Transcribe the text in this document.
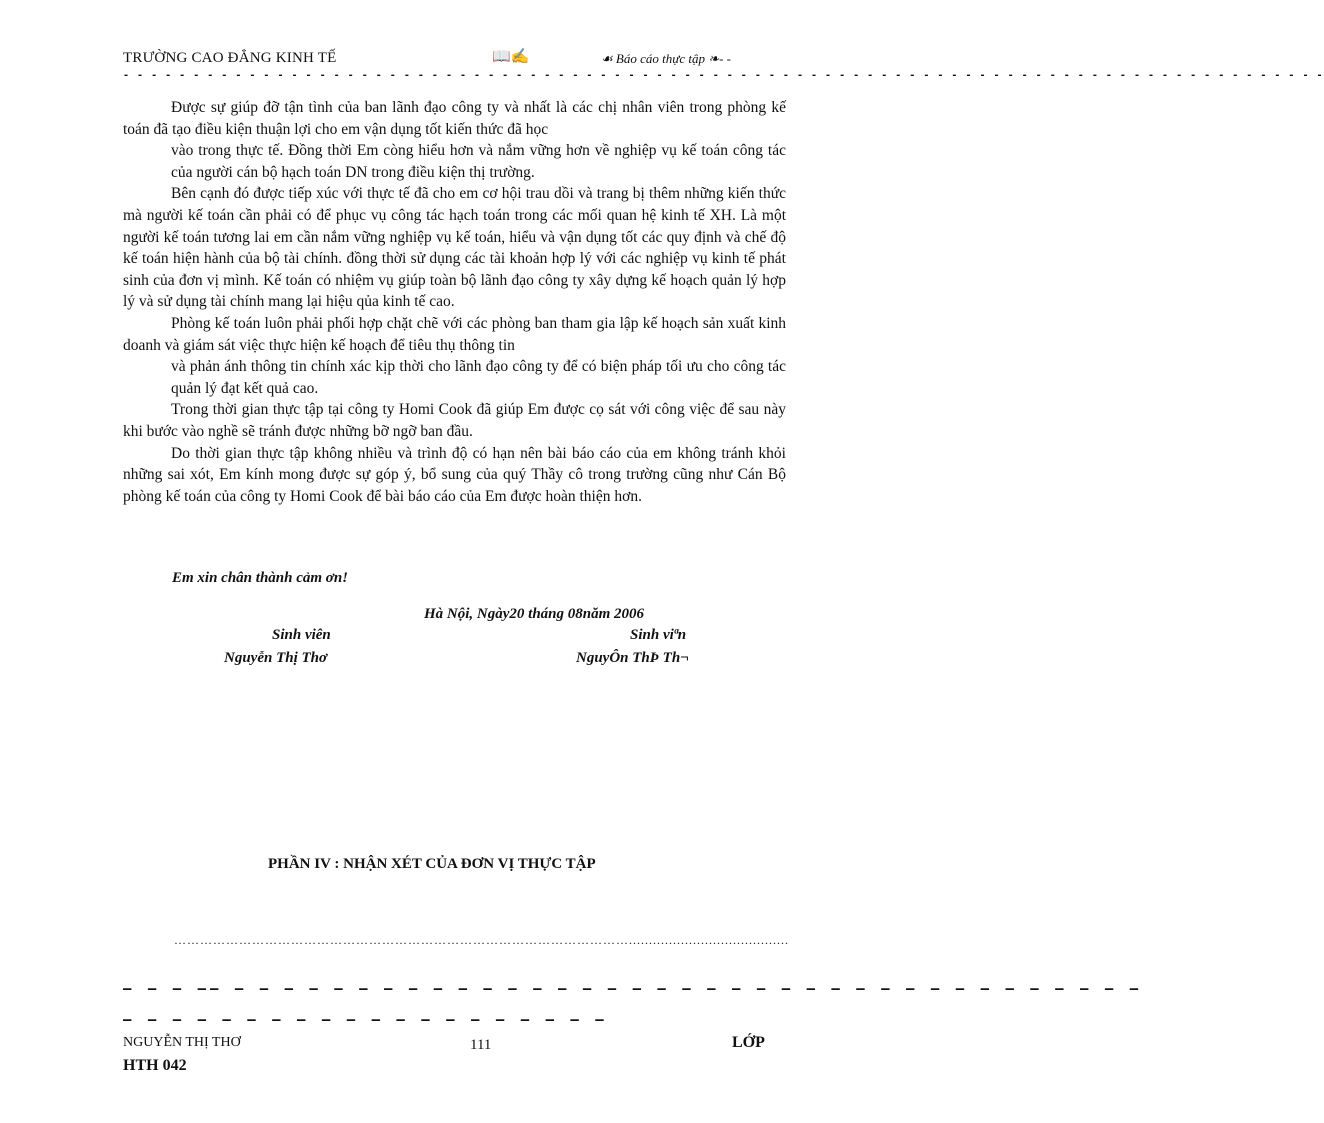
TRƯỜNG CAO ĐẲNG KINH TẾ	📖✍	☙ Báo cáo thực tập ❧- -
- - - - - - - - - - - - - - - - - - - - - - - - - - - - - - - - - - - - - - - - - - - - - - - - - - - - - - - - - - - - - - - - - - - - - - - - - - - - - - - - - - - - - -

Được sự giúp đỡ tận tình của ban lãnh đạo công ty và nhất là các chị nhân viên trong phòng kế toán đã tạo điều kiện thuận lợi cho em vận dụng tốt kiến thức đã học

vào trong thực tế. Đồng thời Em còng hiểu hơn và nắm vững hơn về nghiệp vụ kế toán công tác của người cán bộ hạch toán DN trong điều kiện thị trường.

Bên cạnh đó được tiếp xúc với thực tế đã cho em cơ hội trau dồi và trang bị thêm những kiến thức mà người kế toán cần phải có để phục vụ công tác hạch toán trong các mối quan hệ kinh tế XH. Là một người kế toán tương lai em cần nắm vững nghiệp vụ kế toán, hiểu và vận dụng tốt các quy định và chế độ kế toán hiện hành của bộ tài chính. đồng thời sử dụng các tài khoản hợp lý với các nghiệp vụ kinh tế phát sinh của đơn vị mình. Kế toán có nhiệm vụ giúp toàn bộ lãnh đạo công ty xây dựng kế hoạch quản lý hợp lý và sử dụng tài chính mang lại hiệu qủa kinh tế cao.

Phòng kế toán luôn phải phối hợp chặt chẽ với các phòng ban tham gia lập kế hoạch sản xuất kinh doanh và giám sát việc thực hiện kế hoạch để tiêu thụ thông tin

và phản ánh thông tin chính xác kịp thời cho lãnh đạo công ty để có biện pháp tối ưu cho công tác quản lý đạt kết quả cao.

Trong thời gian thực tập tại công ty Homi Cook đã giúp Em được cọ sát với công việc để sau này khi bước vào nghề sẽ tránh được những bỡ ngỡ ban đầu.

Do thời gian thực tập không nhiều và trình độ có hạn nên bài báo cáo của em không tránh khỏi những sai xót, Em kính mong được sự góp ý, bổ sung của quý Thầy cô trong trường cũng như Cán Bộ phòng kế toán của công ty Homi Cook để bài báo cáo của Em được hoàn thiện hơn.

Em xin chân thành cảm ơn!
Hà Nội, Ngày20 tháng 08năm 2006
Sinh viên	Sinh viªn
Nguyễn Thị Thơ	NguyÔn ThÞ Th¬
PHẦN IV : NHẬN XÉT CỦA ĐƠN VỊ THỰC TẬP
……………………………………………………………………………………………........................................
– – – –– – – – – – – – – – – – – – – – – – – – – – – – – – – – – – – – – – – – – –
– – – – – – – – – – – – – – – – – – – –
NGUYỄN THỊ THƠ	111	LỚP
HTH 042
